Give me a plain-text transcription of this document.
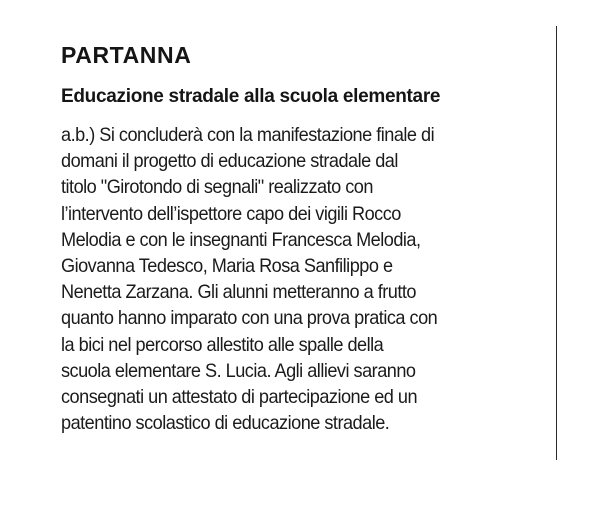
PARTANNA
Educazione stradale alla scuola elementare
a.b.) Si concluderà con la manifestazione finale di
domani il progetto di educazione stradale dal
titolo "Girotondo di segnali" realizzato con
l’intervento dell’ispettore capo dei vigili Rocco
Melodia e con le insegnanti Francesca Melodia,
Giovanna Tedesco, Maria Rosa Sanfilippo e
Nenetta Zarzana. Gli alunni metteranno a frutto
quanto hanno imparato con una prova pratica con
la bici nel percorso allestito alle spalle della
scuola elementare S. Lucia. Agli allievi saranno
consegnati un attestato di partecipazione ed un
patentino scolastico di educazione stradale.
